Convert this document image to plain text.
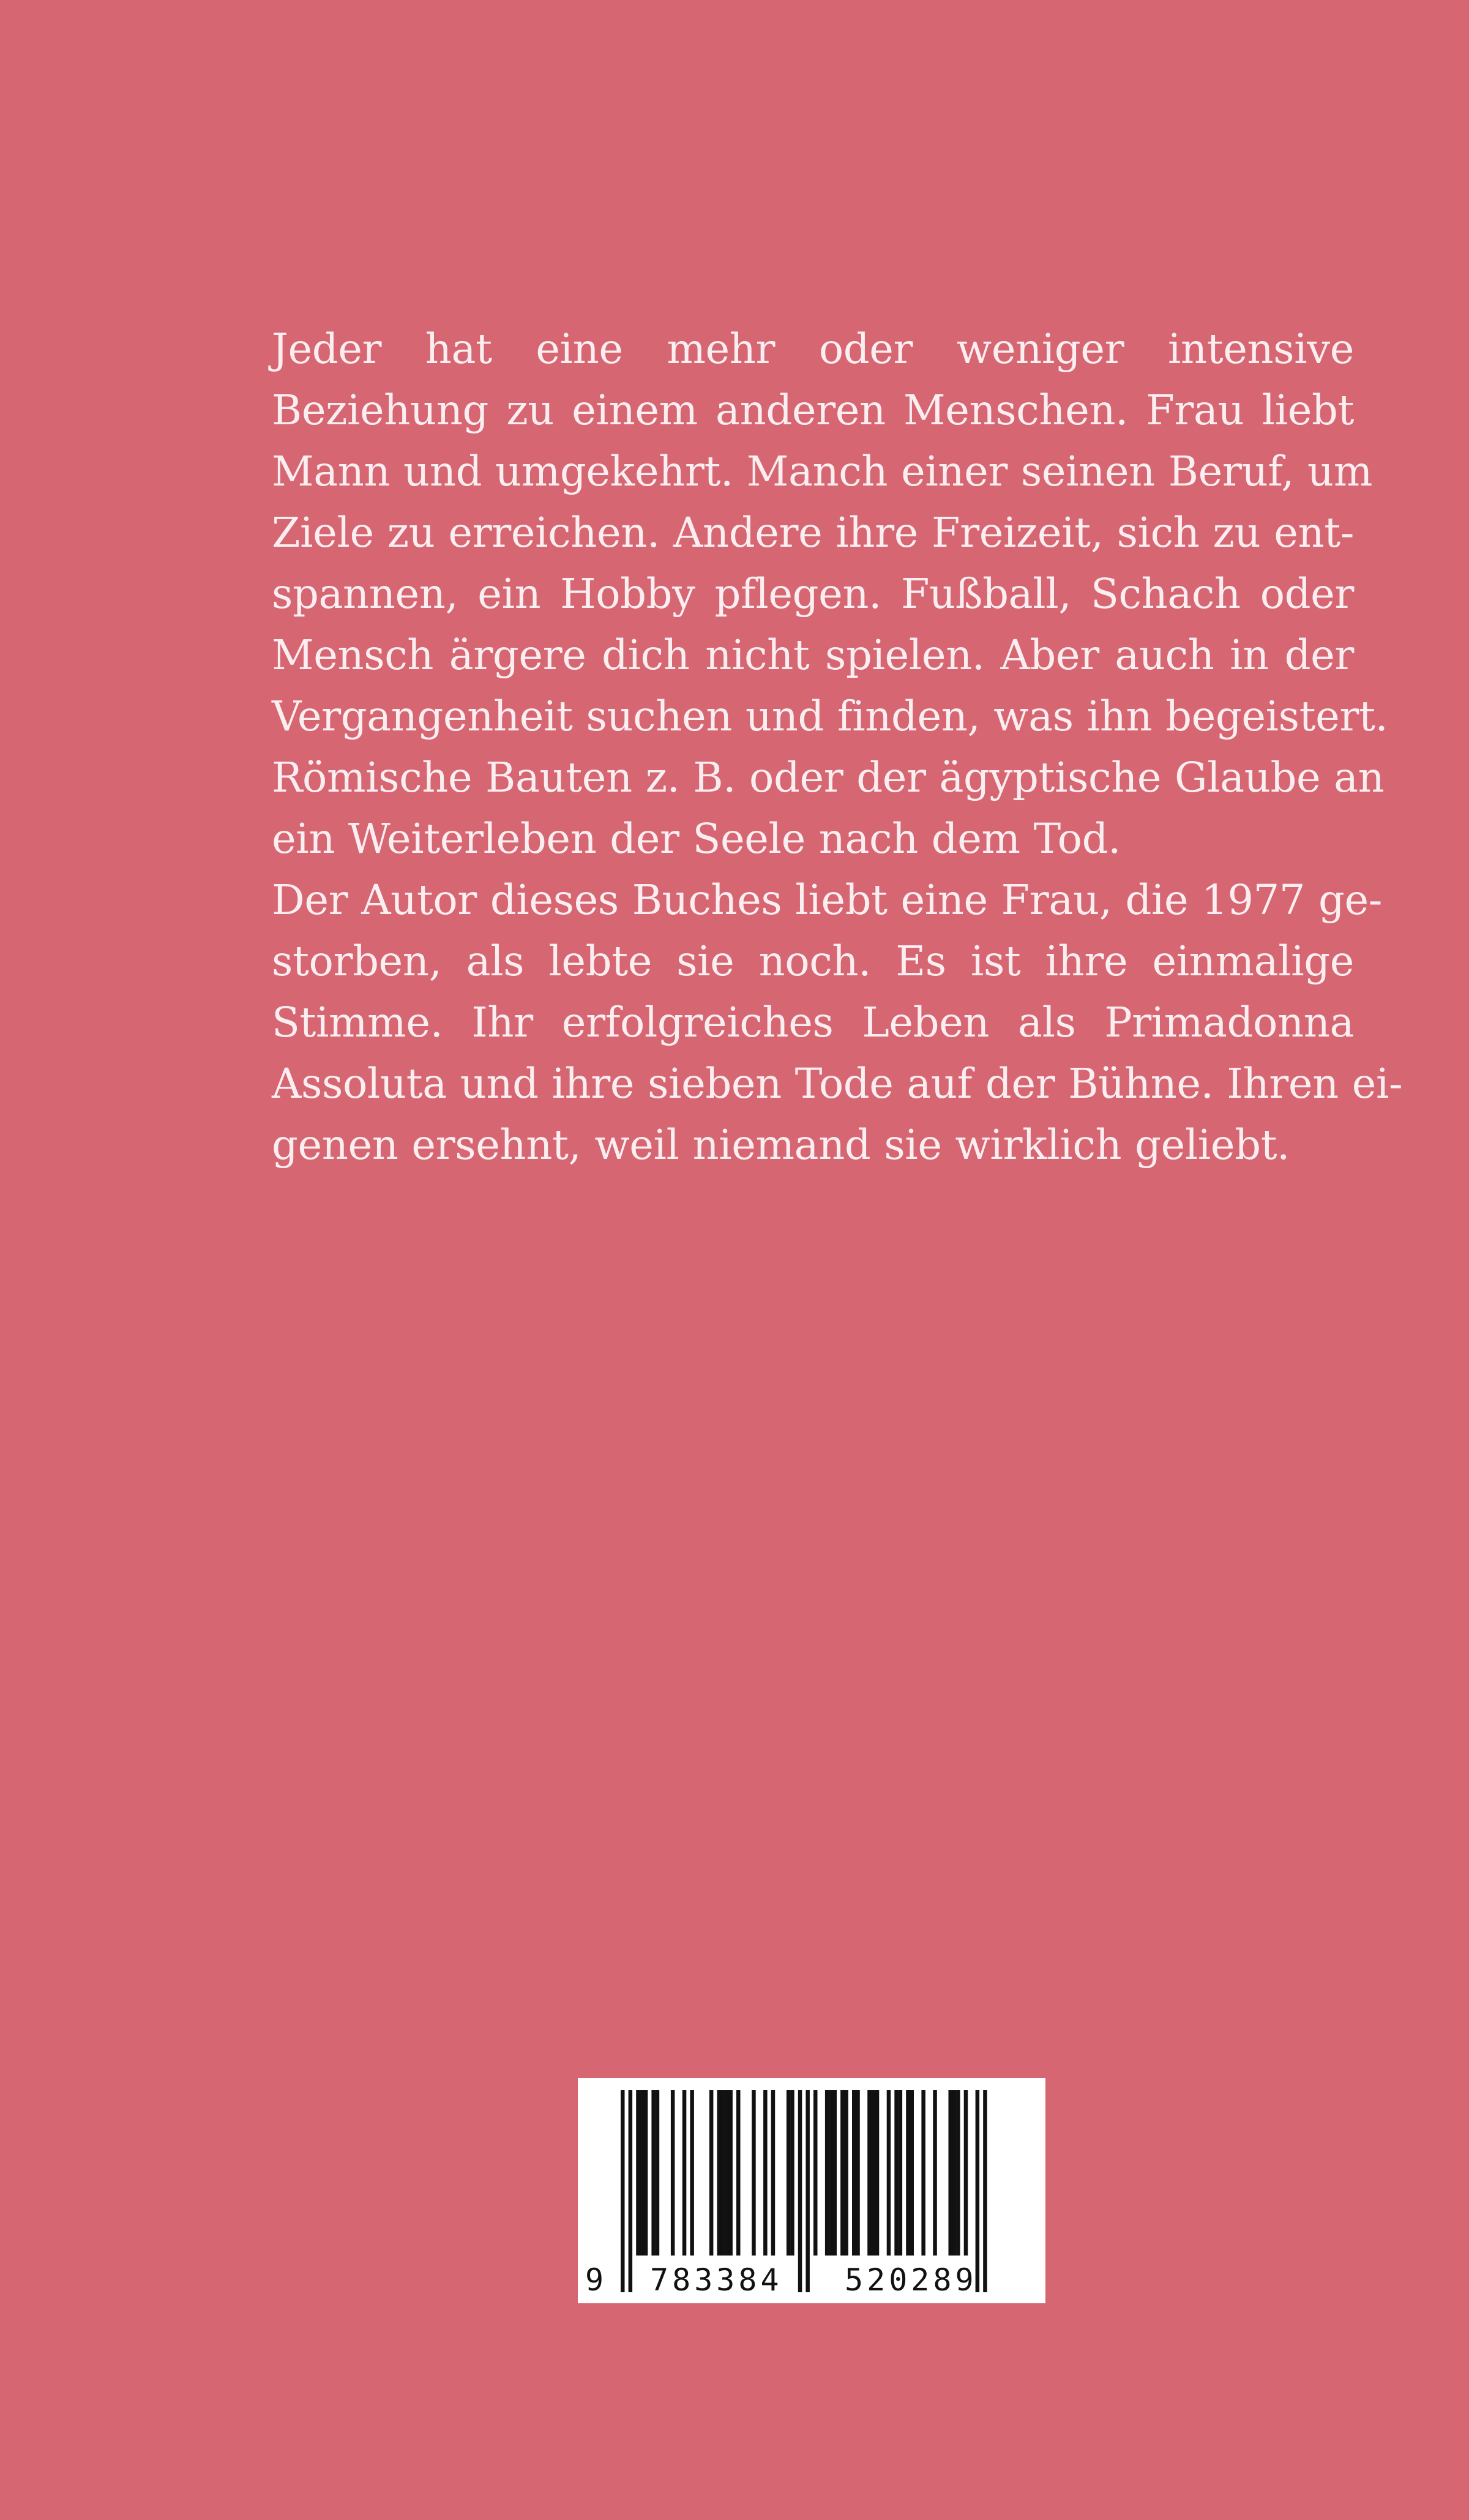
Jeder hat eine mehr oder weniger intensive
Beziehung zu einem anderen Menschen. Frau liebt
Mann und umgekehrt. Manch einer seinen Beruf, um
Ziele zu erreichen. Andere ihre Freizeit, sich zu ent-
spannen, ein Hobby pflegen. Fußball, Schach oder
Mensch ärgere dich nicht spielen. Aber auch in der
Vergangenheit suchen und finden, was ihn begeistert.
Römische Bauten z. B. oder der ägyptische Glaube an
ein Weiterleben der Seele nach dem Tod.
Der Autor dieses Buches liebt eine Frau, die 1977 ge-
storben, als lebte sie noch. Es ist ihre einmalige
Stimme. Ihr erfolgreiches Leben als Primadonna
Assoluta und ihre sieben Tode auf der Bühne. Ihren ei-
genen ersehnt, weil niemand sie wirklich geliebt.
9 783384 520289
